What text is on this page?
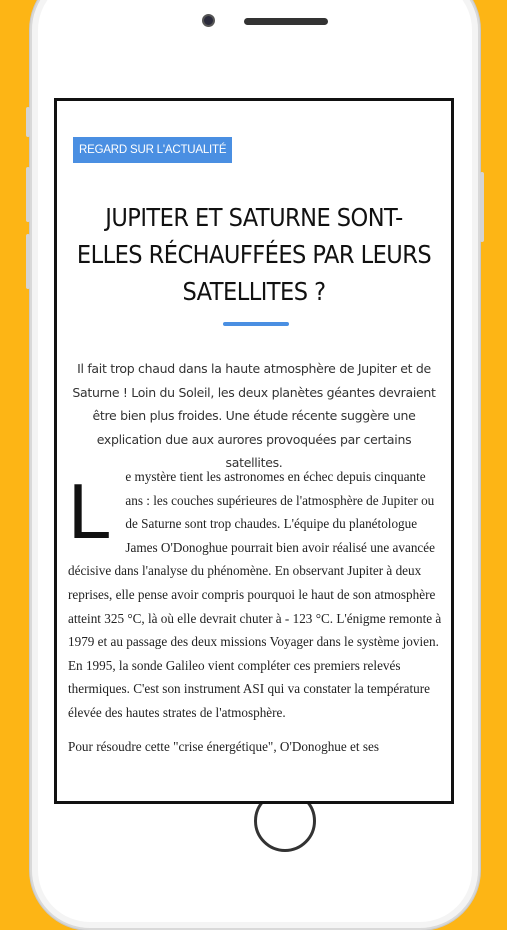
REGARD SUR L'ACTUALITÉ
JUPITER ET SATURNE SONT-ELLES RÉCHAUFFÉES PAR LEURS SATELLITES ?

Il fait trop chaud dans la haute atmosphère de Jupiter et de Saturne ! Loin du Soleil, les deux planètes géantes devraient être bien plus froides. Une étude récente suggère une explication due aux aurores provoquées par certains satellites.

L e mystère tient les astronomes en échec depuis cinquante ans : les couches supérieures de l'atmosphère de Jupiter ou de Saturne sont trop chaudes. L'équipe du planétologue James O'Donoghue pourrait bien avoir réalisé une avancée décisive dans l'analyse du phénomène. En observant Jupiter à deux reprises, elle pense avoir compris pourquoi le haut de son atmosphère atteint 325 °C, là où elle devrait chuter à - 123 °C. L'énigme remonte à 1979 et au passage des deux missions Voyager dans le système jovien. En 1995, la sonde Galileo vient compléter ces premiers relevés thermiques. C'est son instrument ASI qui va constater la température élevée des hautes strates de l'atmosphère.

Pour résoudre cette "crise énergétique", O'Donoghue et ses
